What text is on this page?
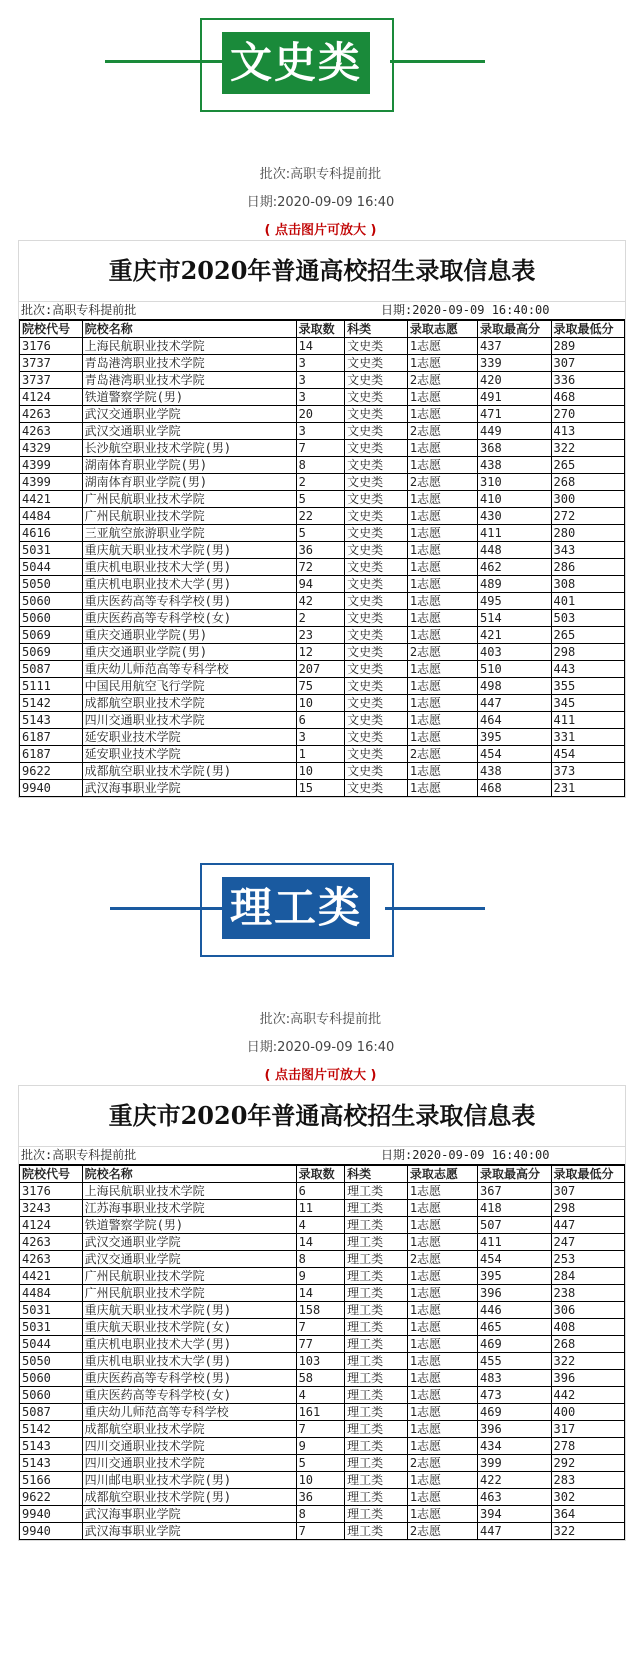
文史类
批次:高职专科提前批
日期:2020-09-09 16:40
( 点击图片可放大 )
重庆市2020年普通高校招生录取信息表
批次:高职专科提前批	日期:2020-09-09 16:40:00
院校代号	院校名称	录取数	科类	录取志愿	录取最高分	录取最低分
3176	上海民航职业技术学院	14	文史类	1志愿	437	289
3737	青岛港湾职业技术学院	3	文史类	1志愿	339	307
3737	青岛港湾职业技术学院	3	文史类	2志愿	420	336
4124	铁道警察学院(男)	3	文史类	1志愿	491	468
4263	武汉交通职业学院	20	文史类	1志愿	471	270
4263	武汉交通职业学院	3	文史类	2志愿	449	413
4329	长沙航空职业技术学院(男)	7	文史类	1志愿	368	322
4399	湖南体育职业学院(男)	8	文史类	1志愿	438	265
4399	湖南体育职业学院(男)	2	文史类	2志愿	310	268
4421	广州民航职业技术学院	5	文史类	1志愿	410	300
4484	广州民航职业技术学院	22	文史类	1志愿	430	272
4616	三亚航空旅游职业学院	5	文史类	1志愿	411	280
5031	重庆航天职业技术学院(男)	36	文史类	1志愿	448	343
5044	重庆机电职业技术大学(男)	72	文史类	1志愿	462	286
5050	重庆机电职业技术大学(男)	94	文史类	1志愿	489	308
5060	重庆医药高等专科学校(男)	42	文史类	1志愿	495	401
5060	重庆医药高等专科学校(女)	2	文史类	1志愿	514	503
5069	重庆交通职业学院(男)	23	文史类	1志愿	421	265
5069	重庆交通职业学院(男)	12	文史类	2志愿	403	298
5087	重庆幼儿师范高等专科学校	207	文史类	1志愿	510	443
5111	中国民用航空飞行学院	75	文史类	1志愿	498	355
5142	成都航空职业技术学院	10	文史类	1志愿	447	345
5143	四川交通职业技术学院	6	文史类	1志愿	464	411
6187	延安职业技术学院	3	文史类	1志愿	395	331
6187	延安职业技术学院	1	文史类	2志愿	454	454
9622	成都航空职业技术学院(男)	10	文史类	1志愿	438	373
9940	武汉海事职业学院	15	文史类	1志愿	468	231
理工类
批次:高职专科提前批
日期:2020-09-09 16:40
( 点击图片可放大 )
重庆市2020年普通高校招生录取信息表
批次:高职专科提前批	日期:2020-09-09 16:40:00
院校代号	院校名称	录取数	科类	录取志愿	录取最高分	录取最低分
3176	上海民航职业技术学院	6	理工类	1志愿	367	307
3243	江苏海事职业技术学院	11	理工类	1志愿	418	298
4124	铁道警察学院(男)	4	理工类	1志愿	507	447
4263	武汉交通职业学院	14	理工类	1志愿	411	247
4263	武汉交通职业学院	8	理工类	2志愿	454	253
4421	广州民航职业技术学院	9	理工类	1志愿	395	284
4484	广州民航职业技术学院	14	理工类	1志愿	396	238
5031	重庆航天职业技术学院(男)	158	理工类	1志愿	446	306
5031	重庆航天职业技术学院(女)	7	理工类	1志愿	465	408
5044	重庆机电职业技术大学(男)	77	理工类	1志愿	469	268
5050	重庆机电职业技术大学(男)	103	理工类	1志愿	455	322
5060	重庆医药高等专科学校(男)	58	理工类	1志愿	483	396
5060	重庆医药高等专科学校(女)	4	理工类	1志愿	473	442
5087	重庆幼儿师范高等专科学校	161	理工类	1志愿	469	400
5142	成都航空职业技术学院	7	理工类	1志愿	396	317
5143	四川交通职业技术学院	9	理工类	1志愿	434	278
5143	四川交通职业技术学院	5	理工类	2志愿	399	292
5166	四川邮电职业技术学院(男)	10	理工类	1志愿	422	283
9622	成都航空职业技术学院(男)	36	理工类	1志愿	463	302
9940	武汉海事职业学院	8	理工类	1志愿	394	364
9940	武汉海事职业学院	7	理工类	2志愿	447	322
